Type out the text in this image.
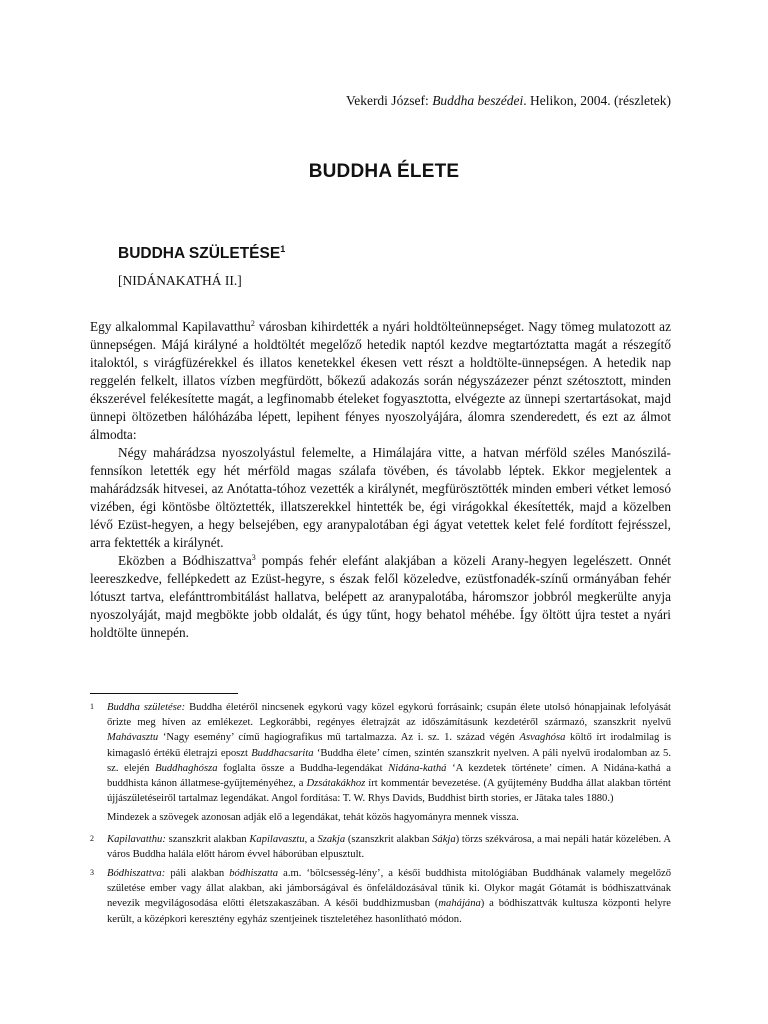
Vekerdi József: Buddha beszédei. Helikon, 2004. (részletek)
BUDDHA ÉLETE
BUDDHA SZÜLETÉSE$^1$
[NIDÁNAKATHÁ II.]

Egy alkalommal Kapilavatthu$^2$ városban kihirdették a nyári holdtölteünnepséget. Nagy tömeg mulatozott az ünnepségen. Májá királyné a holdtöltét megelőző hetedik naptól kezdve megtartóztatta magát a részegítő italoktól, s virágfüzérekkel és illatos kenetekkel ékesen vett részt a holdtölte-ünnepségen. A hetedik nap reggelén felkelt, illatos vízben megfürdött, bőkezű adakozás során négyszázezer pénzt szétosztott, minden ékszerével felékesítette magát, a legfinomabb ételeket fogyasztotta, elvégezte az ünnepi szertartásokat, majd ünnepi öltözetben hálóházába lépett, lepihent fényes nyoszolyájára, álomra szenderedett, és ezt az álmot álmodta:

Négy mahárádzsa nyoszolyástul felemelte, a Himálajára vitte, a hatvan mérföld széles Manószilá-fennsíkon letették egy hét mérföld magas szálafa tövében, és távolabb léptek. Ekkor megjelentek a mahárádzsák hitvesei, az Anótatta-tóhoz vezették a királynét, megfürösztötték minden emberi vétket lemosó vizében, égi köntösbe öltöztették, illatszerekkel hintették be, égi virágokkal ékesítették, majd a közelben lévő Ezüst-hegyen, a hegy belsejében, egy aranypalotában égi ágyat vetettek kelet felé fordított fejrésszel, arra fektették a királynét.

Eközben a Bódhiszattva$^3$ pompás fehér elefánt alakjában a közeli Arany-hegyen legelészett. Onnét leereszkedve, fellépkedett az Ezüst-hegyre, s észak felől közeledve, ezüstfonadék-színű ormányában fehér lótuszt tartva, elefánttrombitálást hallatva, belépett az aranypalotába, háromszor jobbról megkerülte anyja nyoszolyáját, majd megbökte jobb oldalát, és úgy tűnt, hogy behatol méhébe. Így öltött újra testet a nyári holdtölte ünnepén.

1	Buddha születése: Buddha életéről nincsenek egykorú vagy közel egykorú forrásaink; csupán élete utolsó hónapjainak lefolyását őrizte meg híven az emlékezet. Legkorábbi, regényes életrajzát az időszámításunk kezdetéről származó, szanszkrit nyelvű Mahávasztu ‘Nagy esemény’ című hagiografikus mű tartalmazza. Az i. sz. 1. század végén Asvaghósa költő írt irodalmilag is kimagasló értékű életrajzi eposzt Buddhacsarita ‘Buddha élete’ címen, szintén szanszkrit nyelven. A páli nyelvű irodalomban az 5. sz. elején Buddhaghósza foglalta össze a Buddha-legendákat Nidána-kathá ‘A kezdetek története’ címen. A Nidána-kathá a buddhista kánon állatmese-gyűjteményéhez, a Dzsátakákhoz írt kommentár bevezetése. (A gyűjtemény Buddha állat alakban történt újjászületéseiről tartalmaz legendákat. Angol fordítása: T. W. Rhys Davids, Buddhist birth stories, er Jātaka tales 1880.)
Mindezek a szövegek azonosan adják elő a legendákat, tehát közös hagyományra mennek vissza.
2	Kapilavatthu: szanszkrit alakban Kapilavasztu, a Szakja (szanszkrit alakban Sákja) törzs székvárosa, a mai nepáli határ közelében. A város Buddha halála előtt három évvel háborúban elpusztult.
3	Bódhiszattva: páli alakban bódhiszatta a.m. ‘bölcsesség-lény’, a késői buddhista mitológiában Buddhának valamely megelőző születése ember vagy állat alakban, aki jámborságával és önfeláldozásával tűnik ki. Olykor magát Gótamát is bódhiszattvának nevezik megvilágosodása előtti életszakaszában. A késői buddhizmusban (mahájána) a bódhiszattvák kultusza központi helyre került, a középkori keresztény egyház szentjeinek tiszteletéhez hasonlítható módon.
